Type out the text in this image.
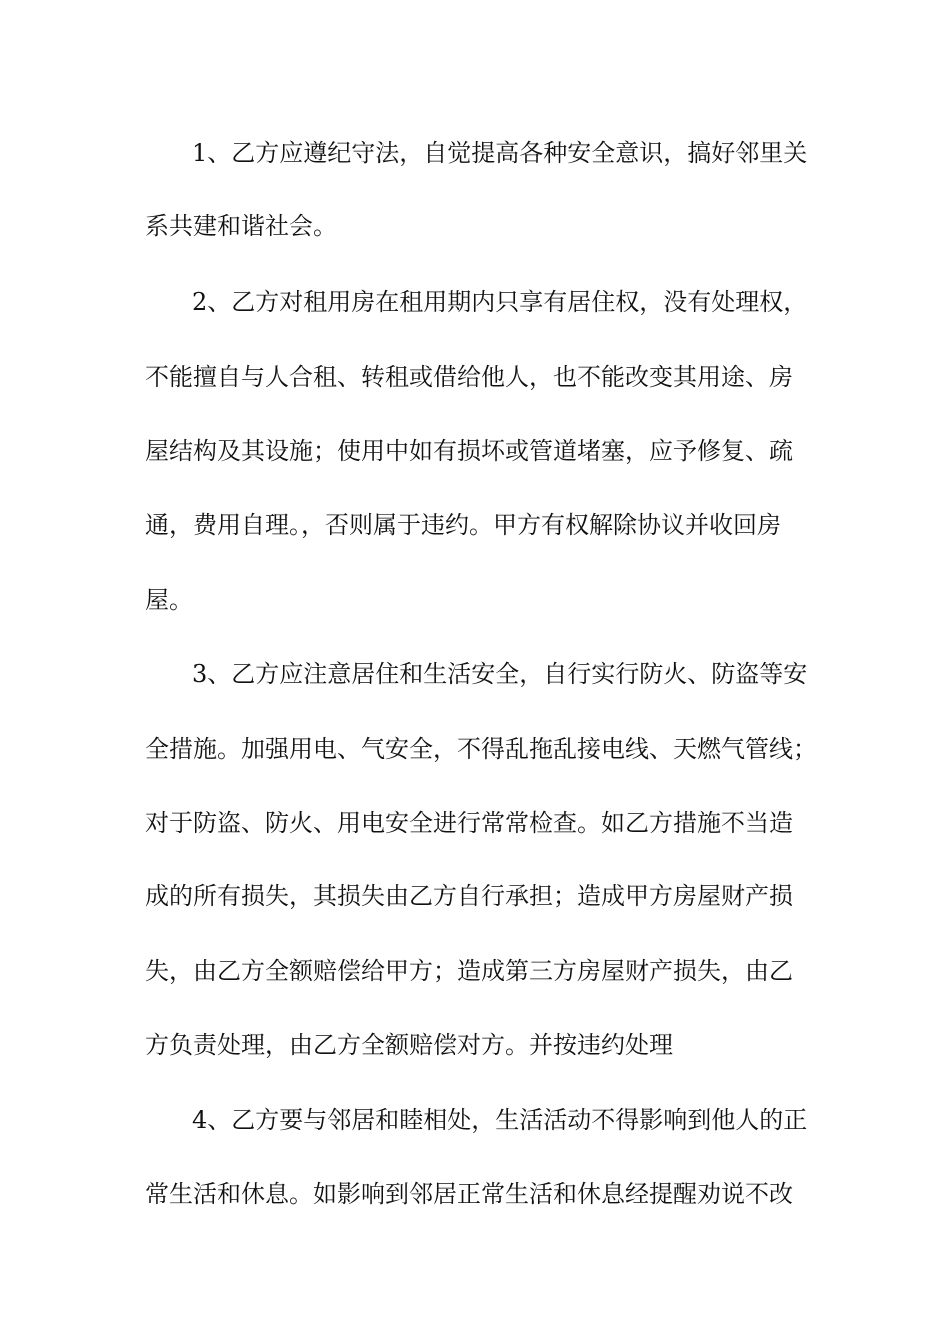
1、乙方应遵纪守法，自觉提高各种安全意识，搞好邻里关
系共建和谐社会。
2、乙方对租用房在租用期内只享有居住权，没有处理权，
不能擅自与人合租、转租或借给他人，也不能改变其用途、房
屋结构及其设施；使用中如有损坏或管道堵塞，应予修复、疏
通，费用自理。，否则属于违约。甲方有权解除协议并收回房
屋。
3、乙方应注意居住和生活安全，自行实行防火、防盗等安
全措施。加强用电、气安全，不得乱拖乱接电线、天燃气管线；
对于防盗、防火、用电安全进行常常检查。如乙方措施不当造
成的所有损失，其损失由乙方自行承担；造成甲方房屋财产损
失，由乙方全额赔偿给甲方；造成第三方房屋财产损失，由乙
方负责处理，由乙方全额赔偿对方。并按违约处理
4、乙方要与邻居和睦相处，生活活动不得影响到他人的正
常生活和休息。如影响到邻居正常生活和休息经提醒劝说不改
